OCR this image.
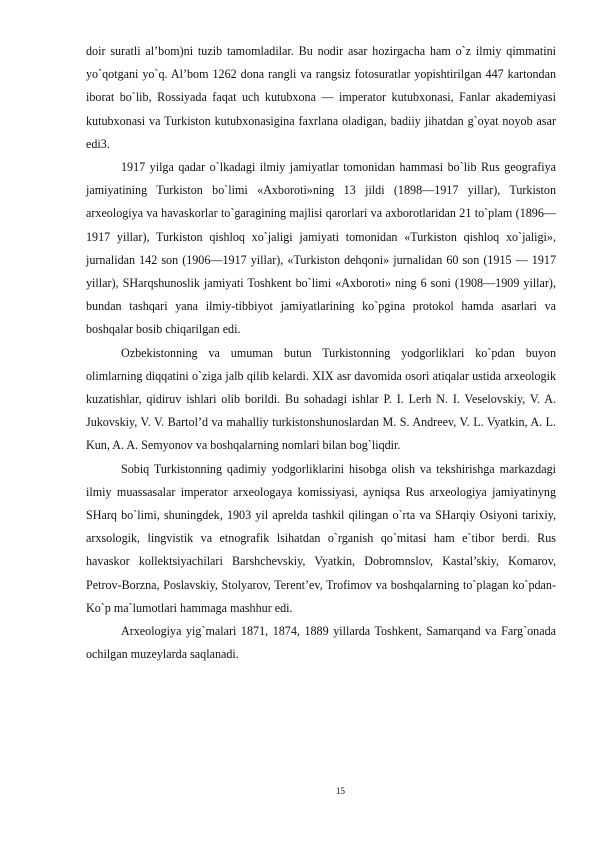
doir suratli al’bom)ni tuzib tamomladilar. Bu nodir asar hozirgacha ham o`z ilmiy qimmatini yo`qotgani yo`q. Al’bom 1262 dona rangli va rangsiz fotosuratlar yopishtirilgan 447 kartondan iborat bo`lib, Rossiyada faqat uch kutubxona — imperator kutubxonasi, Fanlar akademiyasi kutubxonasi va Turkiston kutubxonasigina faxrlana oladigan, badiiy jihatdan g`oyat noyob asar edi3.

1917 yilga qadar o`lkadagi ilmiy jamiyatlar tomonidan hammasi bo`lib Rus geografiya jamiyatining Turkiston bo`limi «Axboroti»ning 13 jildi (1898—1917 yillar), Turkiston arxeologiya va havaskorlar to`garagining majlisi qarorlari va axborotlaridan 21 to`plam (1896—1917 yillar), Turkiston qishloq xo`jaligi jamiyati tomonidan «Turkiston qishloq xo`jaligi», jurnalidan 142 son (1906—1917 yillar), «Turkiston dehqoni» jurnalidan 60 son (1915 — 1917 yillar), SHarqshunoslik jamiyati Toshkent bo`limi «Axboroti» ning 6 soni (1908—1909 yillar), bundan tashqari yana ilmiy-tibbiyot jamiyatlarining ko`pgina protokol hamda asarlari va boshqalar bosib chiqarilgan edi.

Ozbekistonning va umuman butun Turkistonning yodgorliklari ko`pdan buyon olimlarning diqqatini o`ziga jalb qilib kelardi. XIX asr davomida osori atiqalar ustida arxeologik kuzatishlar, qidiruv ishlari olib borildi. Bu sohadagi ishlar P. I. Lerh N. I. Veselovskiy, V. A. Jukovskiy, V. V. Bartol’d va mahalliy turkistonshunoslardan M. S. Andreev, V. L. Vyatkin, A. L. Kun, A. A. Semyonov va boshqalarning nomlari bilan bog`liqdir.

Sobiq Turkistonning qadimiy yodgorliklarini hisobga olish va tekshirishga markazdagi ilmiy muassasalar imperator arxeologaya komissiyasi, ayniqsa Rus arxeologiya jamiyatinyng SHarq bo`limi, shuningdek, 1903 yil aprelda tashkil qilingan o`rta va SHarqiy Osiyoni tarixiy, arxsologik, lingvistik va etnografik lsihatdan o`rganish qo`mitasi ham e`tibor berdi. Rus havaskor kollektsiyachilari Barshchevskiy, Vyatkin, Dobromnslov, Kastal’skiy, Komarov, Petrov-Borzna, Poslavskiy, Stolyarov, Terent’ev, Trofimov va boshqalarning to`plagan ko`pdan-Ko`p ma`lumotlari hammaga mashhur edi.

Arxeologiya yig`malari 1871, 1874, 1889 yillarda Toshkent, Samarqand va Farg`onada ochilgan muzeylarda saqlanadi.

15
